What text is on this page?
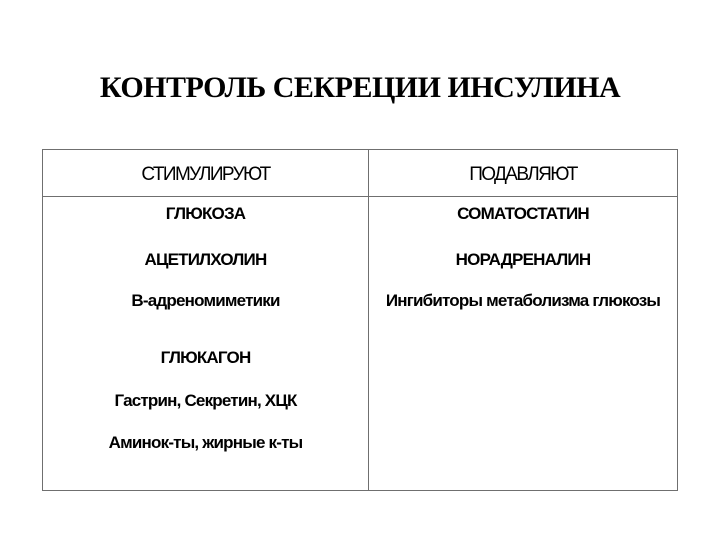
КОНТРОЛЬ СЕКРЕЦИИ ИНСУЛИНА
СТИМУЛИРУЮТ	ПОДАВЛЯЮТ
ГЛЮКОЗА
АЦЕТИЛХОЛИН
В-адреномиметики
ГЛЮКАГОН
Гастрин, Секретин, ХЦК
Аминок-ты, жирные к-ты
СОМАТОСТАТИН
НОРАДРЕНАЛИН
Ингибиторы метаболизма глюкозы
